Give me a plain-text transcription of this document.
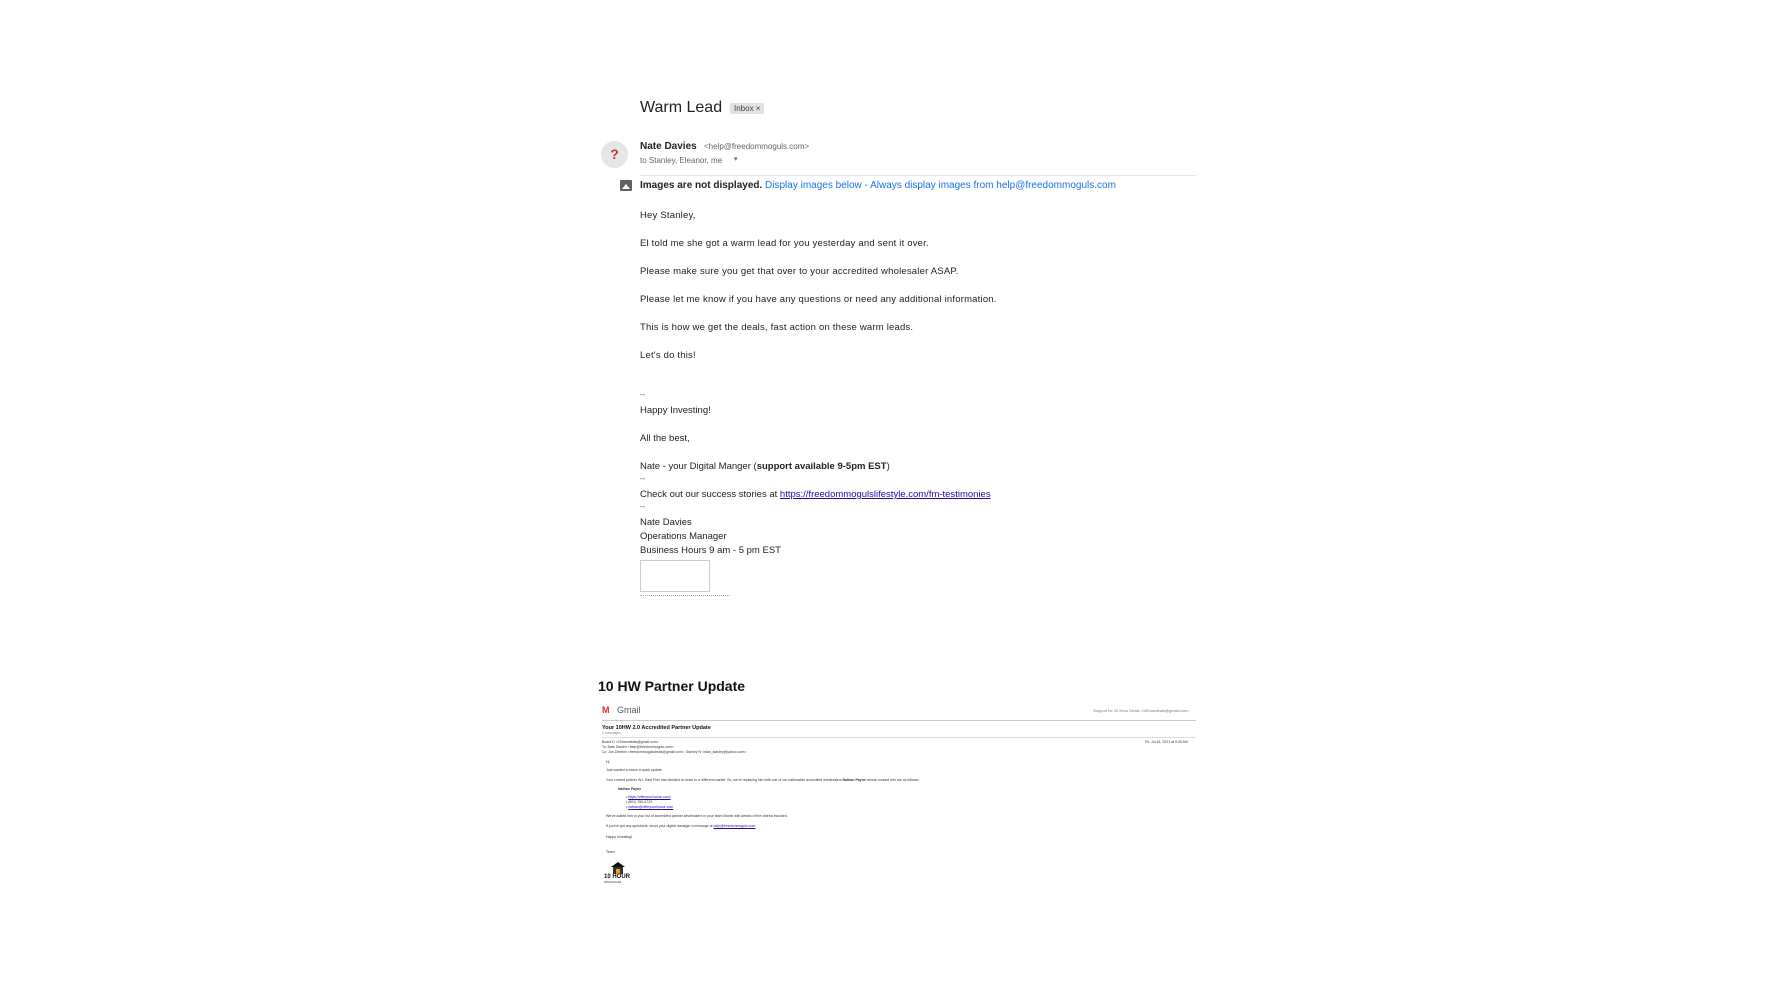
Warm Lead	Inbox ×
?	Nate Davies <help@freedommoguls.com>
to Stanley, Eleanor, me ▾
Images are not displayed. Display images below - Always display images from help@freedommoguls.com
Hey Stanley,
El told me she got a warm lead for you yesterday and sent it over.
Please make sure you get that over to your accredited wholesaler ASAP.
Please let me know if you have any questions or need any additional information.
This is how we get the deals, fast action on these warm leads.
Let's do this!
--
Happy Investing!
All the best,
Nate - your Digital Manger (support available 9-5pm EST)
--
Check out our success stories at https://freedommogulslifestyle.com/fm-testimonies
--
Nate Davies
Operations Manager
Business Hours 9 am - 5 pm EST
10 HW Partner Update
M Gmail	Support for 10 Hour Deals <10hourdeals@gmail.com>
Your 10HW 2.0 Accredited Partner Update
2 messages
Board D <10hourdeals@gmail.com>	Fri, Jul 16, 2021 at 9:30 AM
To: Nate Davies <help@freedommoguls.com>
Cc: Jon Dembin <freedommogulsdeals@gmail.com>, Stanley N <stan_stanley@yahoo.com>
Hi,
Just wanted to leave a quick update.
Your current partner W.I. East Firm has decided to move to a different market. So, we're replacing him with one of our nationwide accredited wholesalers Nathan Payne whose contact info are as follows:
Nathan Payne
• https://offeryourhouse.com/
• (801) 780-6720
• nathan@offeryourhouse.com
We've added him to your list of accredited partner wholesalers in your team Month with details of the criteria included.
If you've got any questions, shoot your digital manager a message at help@freedommoguls.com
Happy Investing!
Team
10 HOUR
WHOLESALER
